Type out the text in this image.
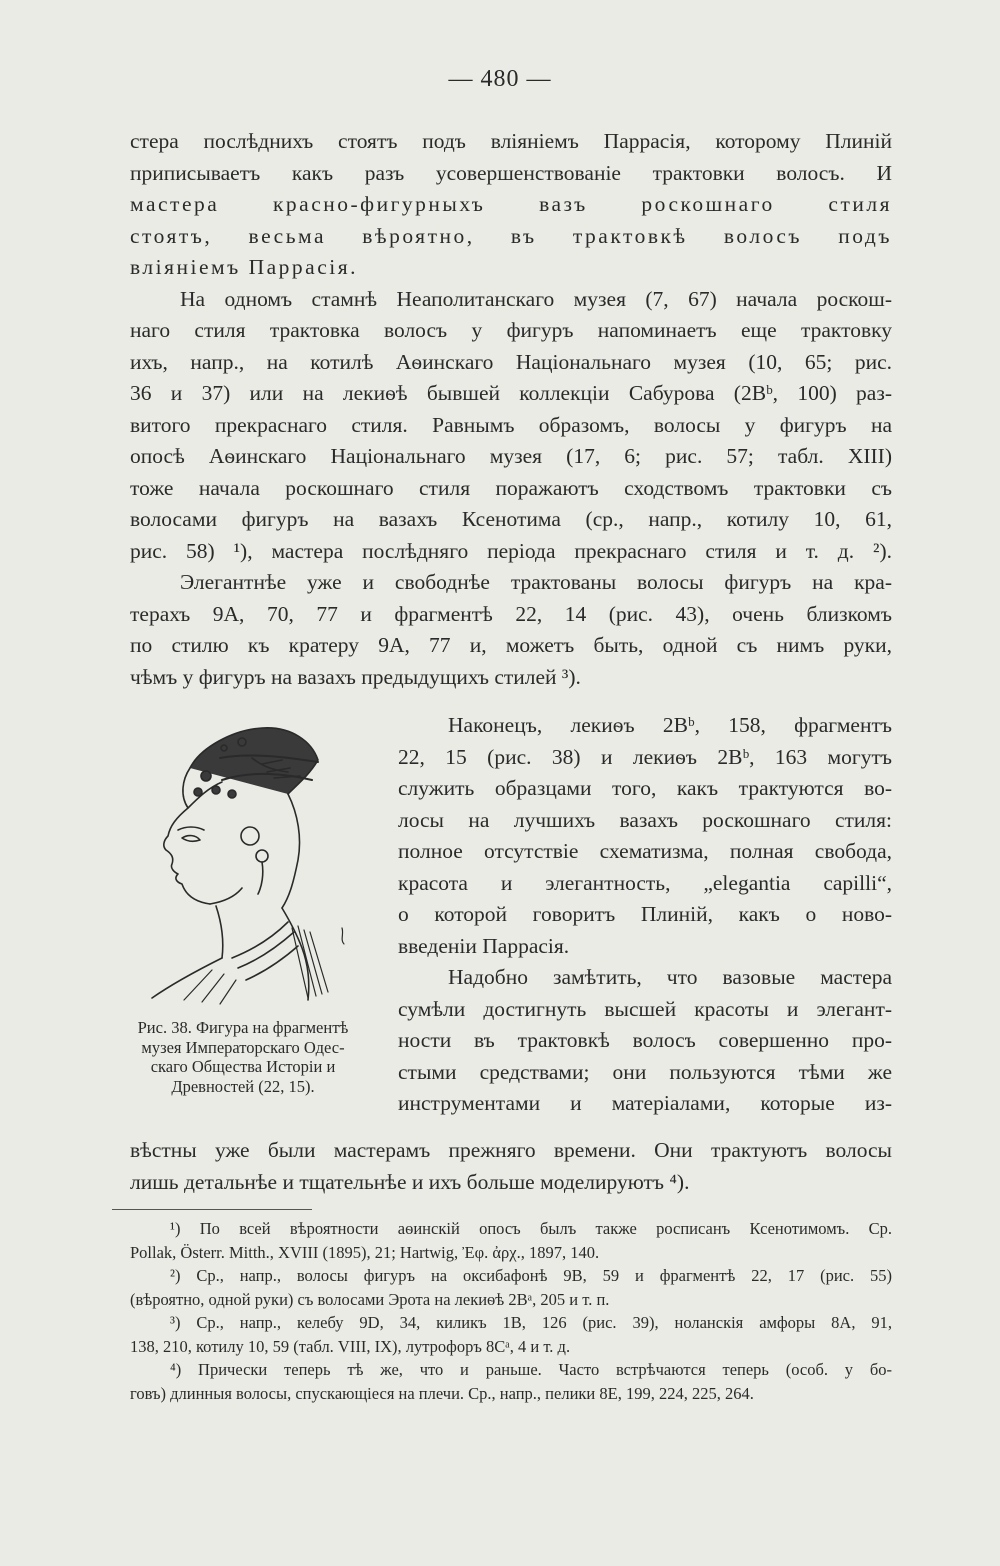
— 480 —
стера послѣднихъ стоятъ подъ вліяніемъ Паррасія, которому Плиній
приписываетъ какъ разъ усовершенствованіе трактовки волосъ. И
мастера красно-фигурныхъ вазъ роскошнаго стиля
стоятъ, весьма вѣроятно, въ трактовкѣ волосъ подъ
вліяніемъ Паррасія.
На одномъ стамнѣ Неаполитанскаго музея (7, 67) начала роскош-
наго стиля трактовка волосъ у фигуръ напоминаетъ еще трактовку
ихъ, напр., на котилѣ Аѳинскаго Національнаго музея (10, 65; рис.
36 и 37) или на лекиѳѣ бывшей коллекціи Сабурова (2Bᵇ, 100) раз-
витого прекраснаго стиля. Равнымъ образомъ, волосы у фигуръ на
опосѣ Аѳинскаго Національнаго музея (17, 6; рис. 57; табл. XIII)
тоже начала роскошнаго стиля поражаютъ сходствомъ трактовки съ
волосами фигуръ на вазахъ Ксенотима (ср., напр., котилу 10, 61,
рис. 58) ¹), мастера послѣдняго періода прекраснаго стиля и т. д. ²).
Элегантнѣе уже и свободнѣе трактованы волосы фигуръ на кра-
терахъ 9A, 70, 77 и фрагментѣ 22, 14 (рис. 43), очень близкомъ
по стилю къ кратеру 9A, 77 и, можетъ быть, одной съ нимъ руки,
чѣмъ у фигуръ на вазахъ предыдущихъ стилей ³).
Наконецъ, лекиѳъ 2Bᵇ, 158, фрагментъ
22, 15 (рис. 38) и лекиѳъ 2Bᵇ, 163 могутъ
служить образцами того, какъ трактуются во-
лосы на лучшихъ вазахъ роскошнаго стиля:
полное отсутствіе схематизма, полная свобода,
красота и элегантность, „elegantia capilli“,
о которой говоритъ Плиній, какъ о ново-
введеніи Паррасія.
Надобно замѣтить, что вазовые мастера
сумѣли достигнуть высшей красоты и элегант-
ности въ трактовкѣ волосъ совершенно про-
стыми средствами; они пользуются тѣми же
инструментами и матеріалами, которые из-
Рис. 38. Фигура на фрагментѣ
музея Императорскаго Одес-
скаго Общества Исторіи и
Древностей (22, 15).
вѣстны уже были мастерамъ прежняго времени. Они трактуютъ волосы
лишь детальнѣе и тщательнѣе и ихъ больше моделируютъ ⁴).
¹) По всей вѣроятности аѳинскій опосъ былъ также росписанъ Ксенотимомъ. Ср.
Pollak, Österr. Mitth., XVIII (1895), 21; Hartwig, Ἐφ. ἀρχ., 1897, 140.
²) Ср., напр., волосы фигуръ на оксибафонѣ 9B, 59 и фрагментѣ 22, 17 (рис. 55)
(вѣроятно, одной руки) съ волосами Эрота на лекиѳѣ 2Bᵃ, 205 и т. п.
³) Ср., напр., келебу 9D, 34, киликъ 1B, 126 (рис. 39), ноланскія амфоры 8A, 91,
138, 210, котилу 10, 59 (табл. VIII, IX), лутрофоръ 8Cᵃ, 4 и т. д.
⁴) Прически теперь тѣ же, что и раньше. Часто встрѣчаются теперь (особ. у бо-
говъ) длинныя волосы, спускающіеся на плечи. Ср., напр., пелики 8E, 199, 224, 225, 264.
